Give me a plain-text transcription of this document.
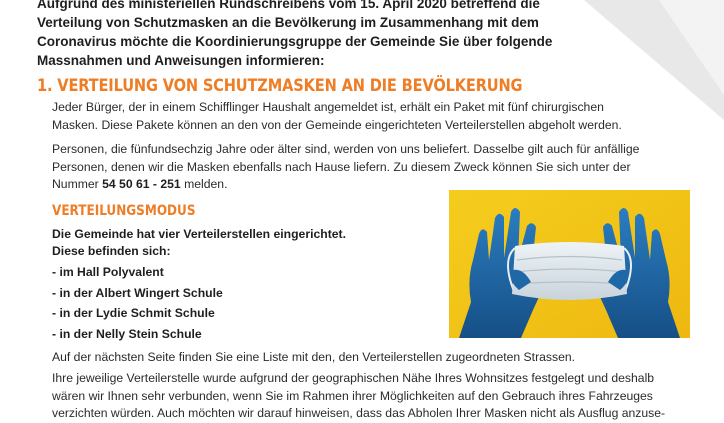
Aufgrund des ministeriellen Rundschreibens vom 15. April 2020 betreffend die
Verteilung von Schutzmasken an die Bevölkerung im Zusammenhang mit dem
Coronavirus möchte die Koordinierungsgruppe der Gemeinde Sie über folgende
Massnahmen und Anweisungen informieren:
1. VERTEILUNG VON SCHUTZMASKEN AN DIE BEVÖLKERUNG
Jeder Bürger, der in einem Schifflinger Haushalt angemeldet ist, erhält ein Paket mit fünf chirurgischen
Masken. Diese Pakete können an den von der Gemeinde eingerichteten Verteilerstellen abgeholt werden.
Personen, die fünfundsechzig Jahre oder älter sind, werden von uns beliefert. Dasselbe gilt auch für anfällige
Personen, denen wir die Masken ebenfalls nach Hause liefern. Zu diesem Zweck können Sie sich unter der
Nummer 54 50 61 - 251 melden.
VERTEILUNGSMODUS
Die Gemeinde hat vier Verteilerstellen eingerichtet.
Diese befinden sich:
- im Hall Polyvalent
- in der Albert Wingert Schule
- in der Lydie Schmit Schule
- in der Nelly Stein Schule
Auf der nächsten Seite finden Sie eine Liste mit den, den Verteilerstellen zugeordneten Strassen.
Ihre jeweilige Verteilerstelle wurde aufgrund der geographischen Nähe Ihres Wohnsitzes festgelegt und deshalb
wären wir Ihnen sehr verbunden, wenn Sie im Rahmen ihrer Möglichkeiten auf den Gebrauch ihres Fahrzeuges
verzichten würden. Auch möchten wir darauf hinweisen, dass das Abholen Ihrer Masken nicht als Ausflug anzuse-
